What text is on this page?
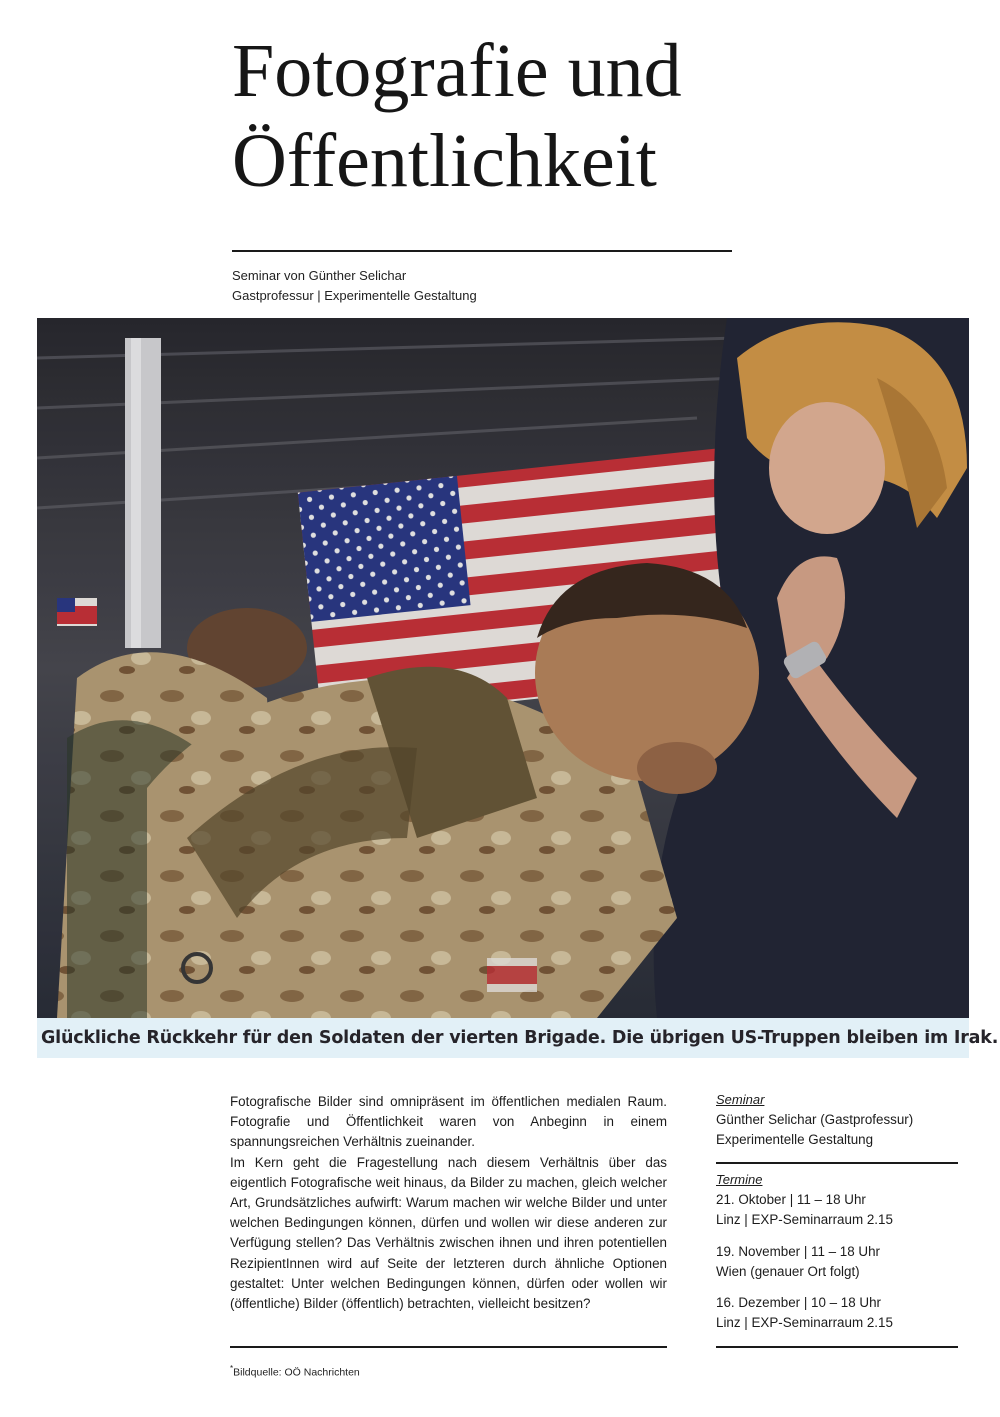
Fotografie und
Öffentlichkeit
Seminar von Günther Selichar
Gastprofessur | Experimentelle Gestaltung
Glückliche Rückkehr für den Soldaten der vierten Brigade. Die übrigen US-Truppen bleiben im Irak.

Fotografische Bilder sind omnipräsent im öffentlichen medialen Raum. Fotografie und Öffentlichkeit waren von Anbeginn in einem spannungsreichen Verhältnis zueinander.

Im Kern geht die Fragestellung nach diesem Verhältnis über das eigentlich Fotografische weit hinaus, da Bilder zu machen, gleich welcher Art, Grundsätzliches aufwirft: Warum machen wir welche Bilder und unter welchen Bedingungen können, dürfen und wollen wir diese anderen zur Verfügung stellen? Das Verhältnis zwischen ihnen und ihren potentiellen RezipientInnen wird auf Seite der letzteren durch ähnliche Optionen gestaltet: Unter welchen Bedingungen können, dürfen oder wollen wir (öffentliche) Bilder (öffentlich) betrachten, vielleicht besitzen?

Seminar
Günther Selichar (Gastprofessur)
Experimentelle Gestaltung
Termine
21. Oktober | 11 – 18 Uhr
Linz | EXP-Seminarraum 2.15
19. November | 11 – 18 Uhr
Wien (genauer Ort folgt)
16. Dezember | 10 – 18 Uhr
Linz | EXP-Seminarraum 2.15
*Bildquelle: OÖ Nachrichten
